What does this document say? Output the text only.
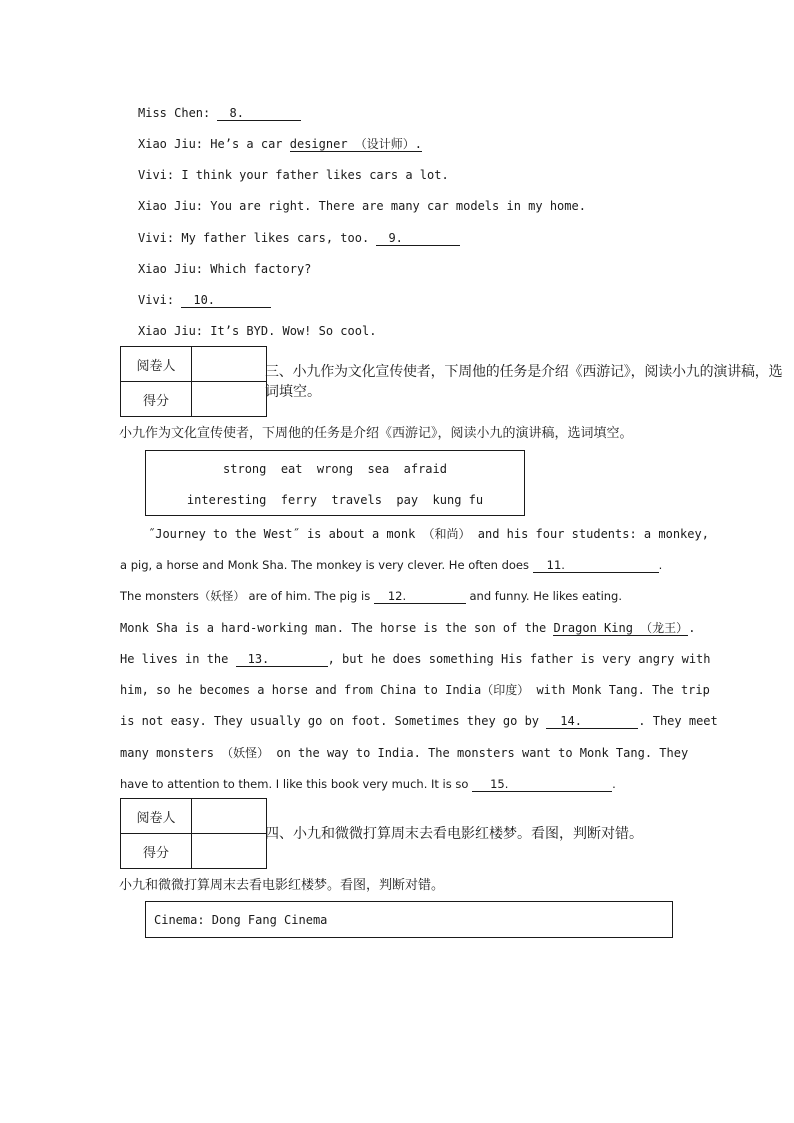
Miss Chen: 8.
Xiao Jiu: He’s a car designer （设计师）.
Vivi: I think your father likes cars a lot.
Xiao Jiu: You are right. There are many car models in my home.
Vivi: My father likes cars, too. 9.
Xiao Jiu: Which factory?
Vivi: 10.
Xiao Jiu: It’s BYD. Wow! So cool.
阅卷人	
得分	
三、小九作为文化宣传使者，下周他的任务是介绍《西游记》，阅读小九的演讲稿，选
词填空。
小九作为文化宣传使者，下周他的任务是介绍《西游记》，阅读小九的演讲稿，选词填空。
strong  eat  wrong  sea  afraid
interesting  ferry  travels  pay  kung fu
˝Journey to the West˝ is about a monk （和尚） and his four students: a monkey,
a pig, a horse and Monk Sha. The monkey is very clever. He often does 11.	.
The monsters（妖怪） are of him. The pig is 12.	and funny. He likes eating.
Monk Sha is a hard-working man. The horse is the son of the Dragon King （龙王）.
He lives in the 13.	, but he does something His father is very angry with
him, so he becomes a horse and from China to India（印度） with Monk Tang. The trip
is not easy. They usually go on foot. Sometimes they go by 14.	. They meet
many monsters （妖怪） on the way to India. The monsters want to Monk Tang. They
have to attention to them. I like this book very much. It is so 15.	.
阅卷人	
得分	
四、小九和微微打算周末去看电影红楼梦。看图，判断对错。
小九和微微打算周末去看电影红楼梦。看图，判断对错。
Cinema: Dong Fang Cinema
